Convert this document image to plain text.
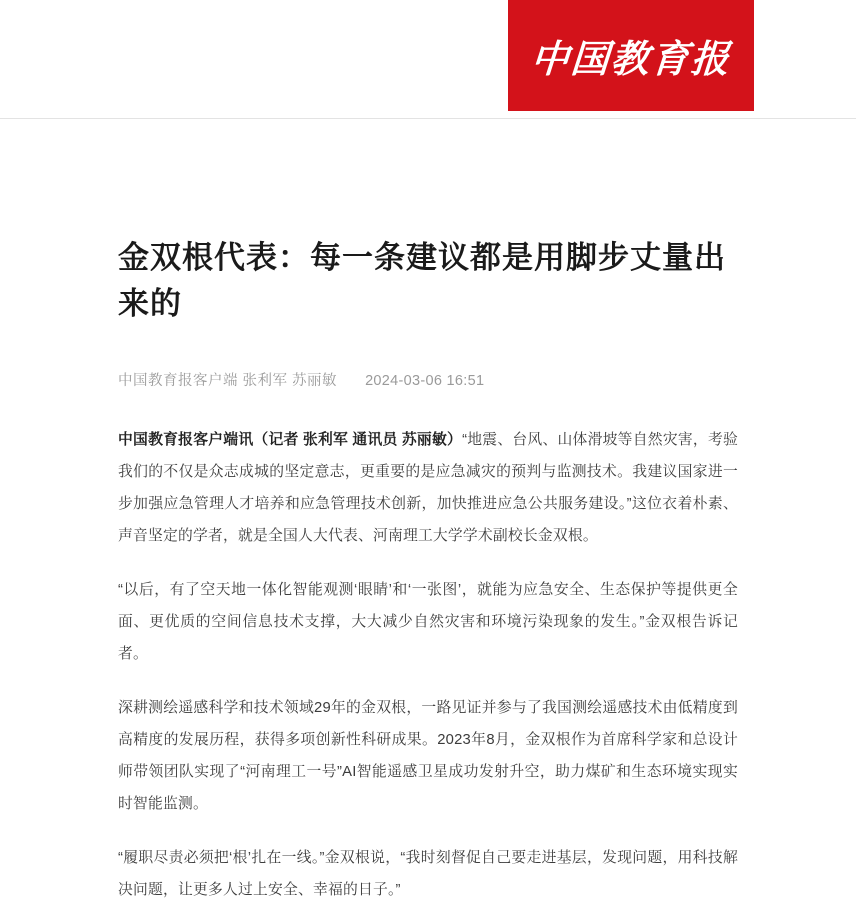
中国教育报
金双根代表：每一条建议都是用脚步丈量出来的
中国教育报客户端 张利军 苏丽敏 2024-03-06 16:51

中国教育报客户端讯（记者 张利军 通讯员 苏丽敏）“地震、台风、山体滑坡等自然灾害，考验我们的不仅是众志成城的坚定意志，更重要的是应急减灾的预判与监测技术。我建议国家进一步加强应急管理人才培养和应急管理技术创新，加快推进应急公共服务建设。”这位衣着朴素、声音坚定的学者，就是全国人大代表、河南理工大学学术副校长金双根。

“以后，有了空天地一体化智能观测‘眼睛’和‘一张图’，就能为应急安全、生态保护等提供更全面、更优质的空间信息技术支撑，大大减少自然灾害和环境污染现象的发生。”金双根告诉记者。

深耕测绘遥感科学和技术领域29年的金双根，一路见证并参与了我国测绘遥感技术由低精度到高精度的发展历程，获得多项创新性科研成果。2023年8月，金双根作为首席科学家和总设计师带领团队实现了“河南理工一号”AI智能遥感卫星成功发射升空，助力煤矿和生态环境实现实时智能监测。

“履职尽责必须把‘根’扎在一线。”金双根说，“我时刻督促自己要走进基层，发现问题，用科技解决问题，让更多人过上安全、幸福的日子。”
